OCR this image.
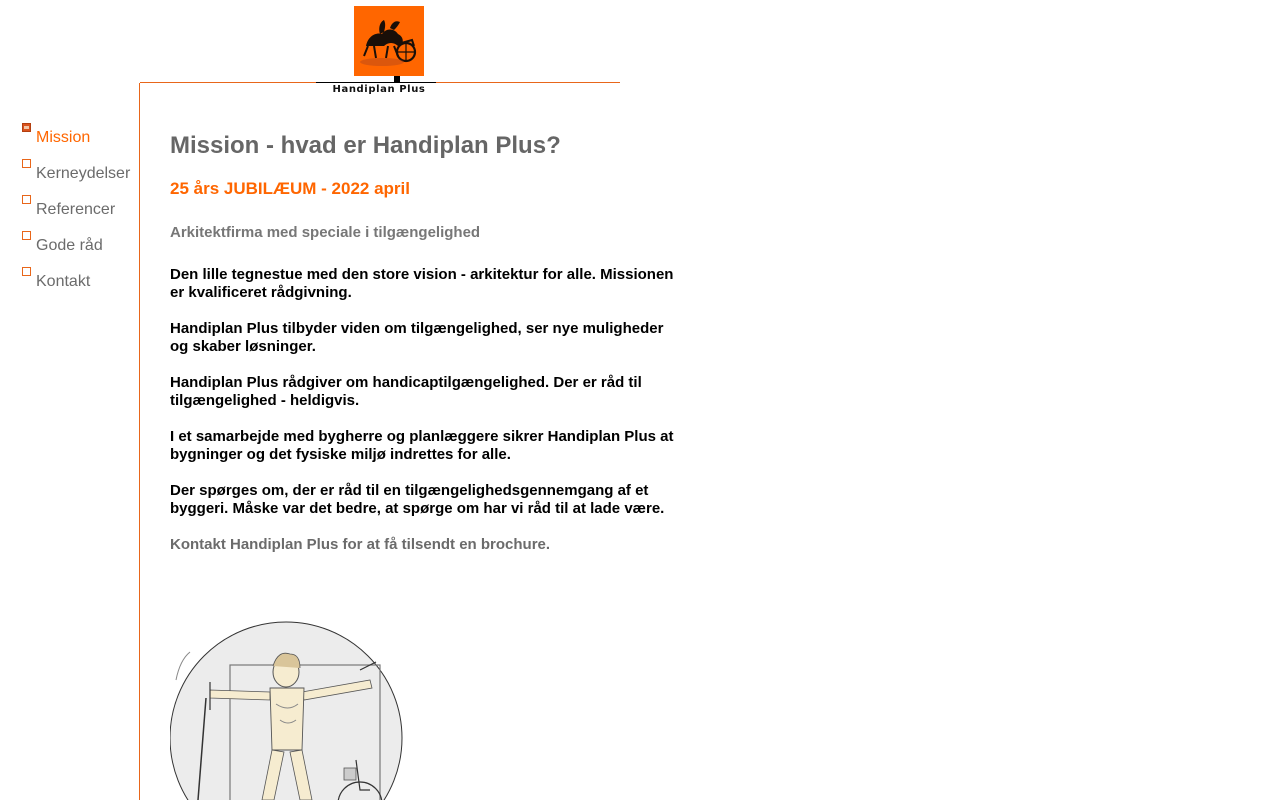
Handiplan Plus
Mission
Kerneydelser
Referencer
Gode råd
Kontakt
Mission - hvad er Handiplan Plus?
25 års JUBILÆUM - 2022 april
Arkitektfirma med speciale i tilgængelighed

Den lille tegnestue med den store vision - arkitektur for alle. Missionen er kvalificeret rådgivning.

Handiplan Plus tilbyder viden om tilgængelighed, ser nye muligheder og skaber løsninger.

Handiplan Plus rådgiver om handicaptilgængelighed. Der er råd til tilgængelighed - heldigvis.

I et samarbejde med bygherre og planlæggere sikrer Handiplan Plus at bygninger og det fysiske miljø indrettes for alle.

Der spørges om, der er råd til en tilgængelighedsgennemgang af et byggeri. Måske var det bedre, at spørge om har vi råd til at lade være.

Kontakt Handiplan Plus for at få tilsendt en brochure.
